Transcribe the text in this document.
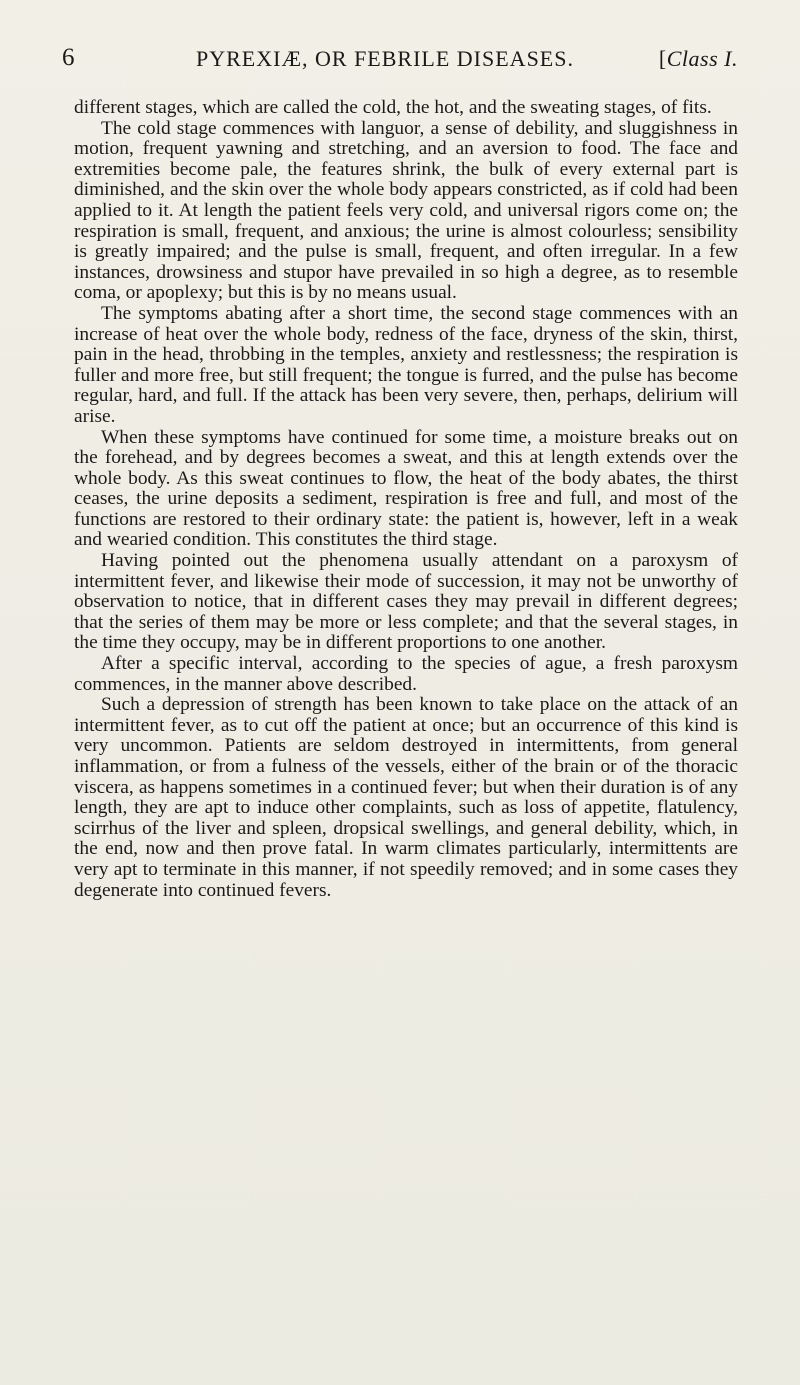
6	PYREXIÆ, OR FEBRILE DISEASES.	[Class I.

different stages, which are called the cold, the hot, and the sweating stages, of fits.

The cold stage commences with languor, a sense of debility, and sluggishness in motion, frequent yawning and stretching, and an aversion to food. The face and extremities become pale, the features shrink, the bulk of every external part is diminished, and the skin over the whole body appears constricted, as if cold had been applied to it. At length the patient feels very cold, and universal rigors come on; the respiration is small, frequent, and anxious; the urine is almost colourless; sensibility is greatly impaired; and the pulse is small, frequent, and often irregular. In a few instances, drowsiness and stupor have prevailed in so high a degree, as to resemble coma, or apoplexy; but this is by no means usual.

The symptoms abating after a short time, the second stage commences with an increase of heat over the whole body, redness of the face, dryness of the skin, thirst, pain in the head, throbbing in the temples, anxiety and restlessness; the respiration is fuller and more free, but still frequent; the tongue is furred, and the pulse has become regular, hard, and full. If the attack has been very severe, then, perhaps, delirium will arise.

When these symptoms have continued for some time, a moisture breaks out on the forehead, and by degrees becomes a sweat, and this at length extends over the whole body. As this sweat continues to flow, the heat of the body abates, the thirst ceases, the urine deposits a sediment, respiration is free and full, and most of the functions are restored to their ordinary state: the patient is, however, left in a weak and wearied condition. This constitutes the third stage.

Having pointed out the phenomena usually attendant on a paroxysm of intermittent fever, and likewise their mode of succession, it may not be unworthy of observation to notice, that in different cases they may prevail in different degrees; that the series of them may be more or less complete; and that the several stages, in the time they occupy, may be in different proportions to one another.

After a specific interval, according to the species of ague, a fresh paroxysm commences, in the manner above described.

Such a depression of strength has been known to take place on the attack of an intermittent fever, as to cut off the patient at once; but an occurrence of this kind is very uncommon. Patients are seldom destroyed in intermittents, from general inflammation, or from a fulness of the vessels, either of the brain or of the thoracic viscera, as happens sometimes in a continued fever; but when their duration is of any length, they are apt to induce other complaints, such as loss of appetite, flatulency, scirrhus of the liver and spleen, dropsical swellings, and general debility, which, in the end, now and then prove fatal. In warm climates particularly, intermittents are very apt to terminate in this manner, if not speedily removed; and in some cases they degenerate into continued fevers.
